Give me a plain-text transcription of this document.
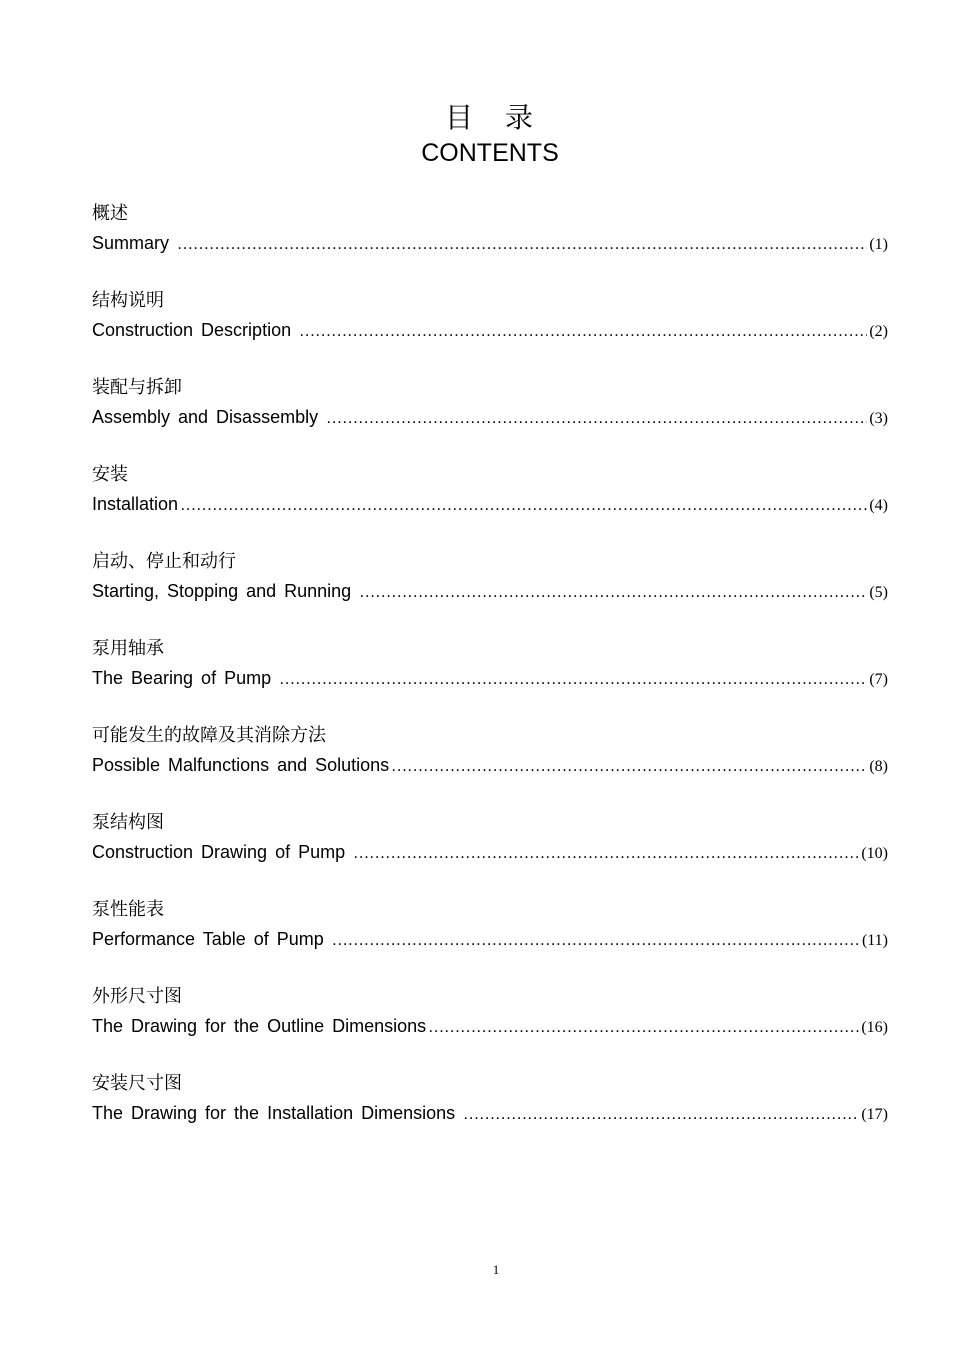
目　录
CONTENTS
概述
Summary ………………………………………………………………………………………………………………………………………………………………………………	(1)
结构说明
Construction Description ………………………………………………………………………………………………………………………………………………………………………………	(2)
装配与拆卸
Assembly and Disassembly ………………………………………………………………………………………………………………………………………………………………………………	(3)
安装
Installation ………………………………………………………………………………………………………………………………………………………………………………	(4)
启动、停止和动行
Starting, Stopping and Running ………………………………………………………………………………………………………………………………………………………………………………	(5)
泵用轴承
The Bearing of Pump ………………………………………………………………………………………………………………………………………………………………………………	(7)
可能发生的故障及其消除方法
Possible Malfunctions and Solutions ………………………………………………………………………………………………………………………………………………………………………………	(8)
泵结构图
Construction Drawing of Pump ………………………………………………………………………………………………………………………………………………………………………………	(10)
泵性能表
Performance Table of Pump ………………………………………………………………………………………………………………………………………………………………………………	(11)
外形尺寸图
The Drawing for the Outline Dimensions ………………………………………………………………………………………………………………………………………………………………………………	(16)
安装尺寸图
The Drawing for the Installation Dimensions ………………………………………………………………………………………………………………………………………………………………………………	(17)
1
